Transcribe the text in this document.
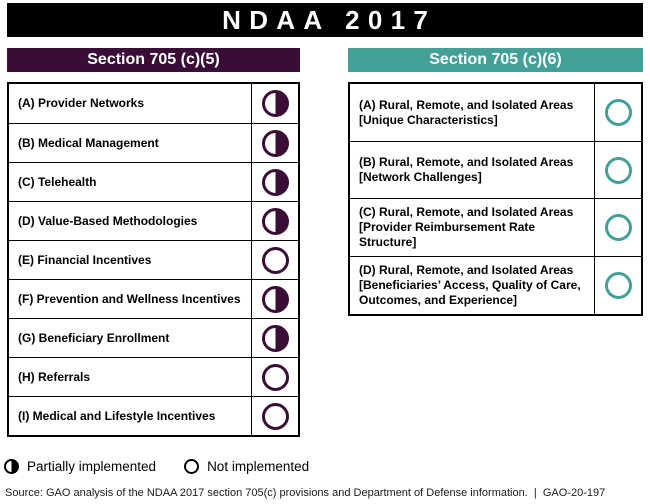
NDAA 2017
Section 705 (c)(5)
(A) Provider Networks
(B) Medical Management
(C) Telehealth
(D) Value-Based Methodologies
(E) Financial Incentives
(F) Prevention and Wellness Incentives
(G) Beneficiary Enrollment
(H) Referrals
(I) Medical and Lifestyle Incentives
Section 705 (c)(6)
(A) Rural, Remote, and Isolated Areas [Unique Characteristics]
(B) Rural, Remote, and Isolated Areas [Network Challenges]
(C) Rural, Remote, and Isolated Areas [Provider Reimbursement Rate Structure]
(D) Rural, Remote, and Isolated Areas [Beneficiaries’ Access, Quality of Care, Outcomes, and Experience]
Partially implemented	Not implemented
Source: GAO analysis of the NDAA 2017 section 705(c) provisions and Department of Defense information.  |  GAO-20-197
